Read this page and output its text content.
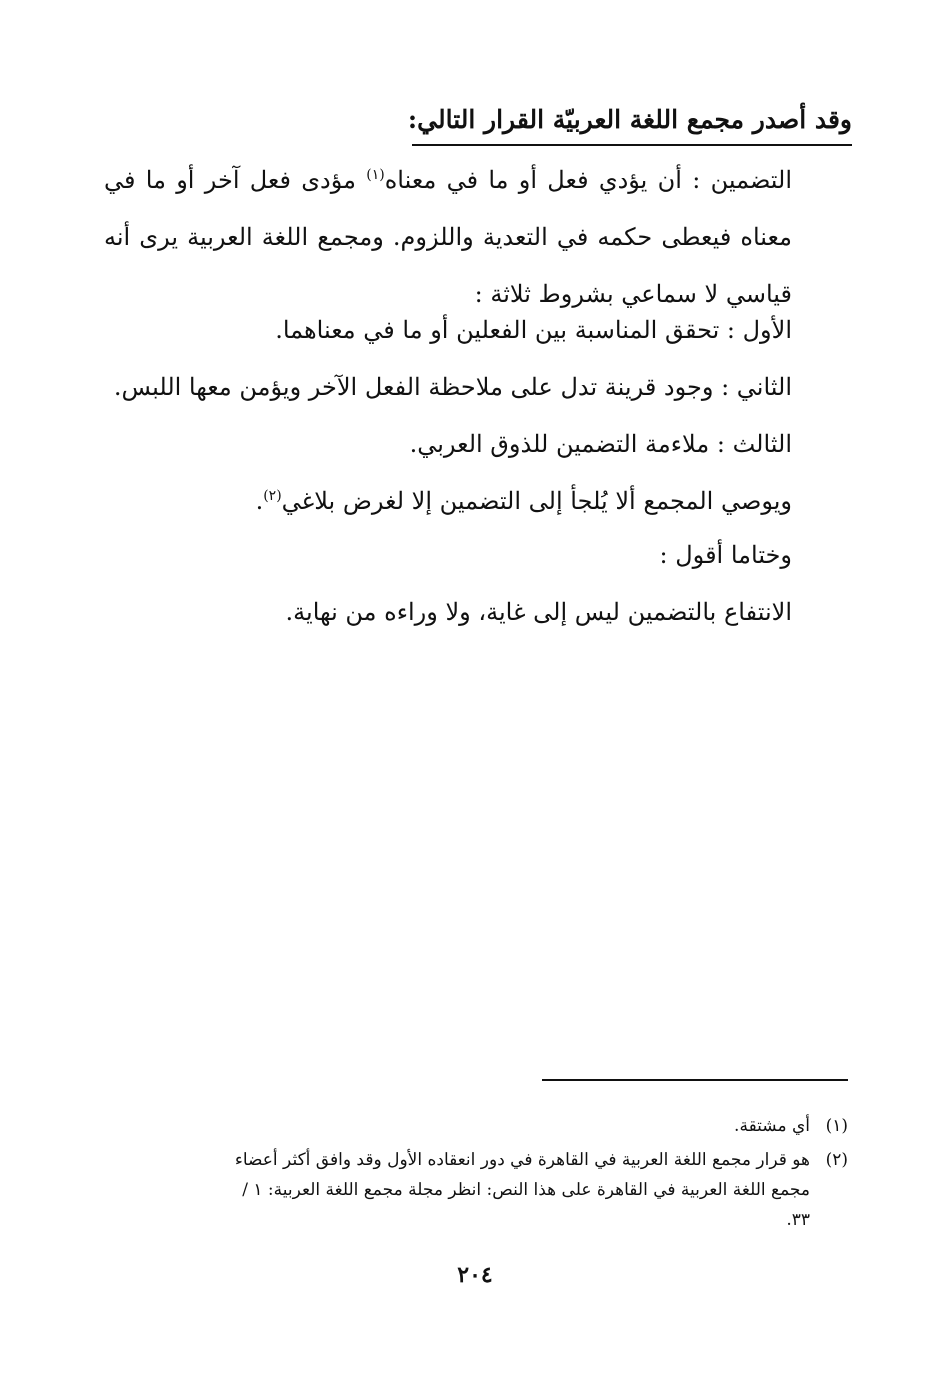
وقد أصدر مجمع اللغة العربيّة القرار التالي:

التضمين : أن يؤدي فعل أو ما في معناه$^{(١)}$ مؤدى فعل آخر أو ما في معناه فيعطى حكمه في التعدية واللزوم. ومجمع اللغة العربية يرى أنه قياسي لا سماعي بشروط ثلاثة :

الأول : تحقق المناسبة بين الفعلين أو ما في معناهما.
الثاني : وجود قرينة تدل على ملاحظة الفعل الآخر ويؤمن معها اللبس.
الثالث : ملاءمة التضمين للذوق العربي.
ويوصي المجمع ألا يُلجأ إلى التضمين إلا لغرض بلاغي$^{(٢)}$.
وختاما أقول :
الانتفاع بالتضمين ليس إلى غاية، ولا وراءه من نهاية.
(١)أي مشتقة.
(٢)هو قرار مجمع اللغة العربية في القاهرة في دور انعقاده الأول وقد وافق أكثر أعضاء
مجمع اللغة العربية في القاهرة على هذا النص: انظر مجلة مجمع اللغة العربية: ١ /
٣٣.
٢٠٤
